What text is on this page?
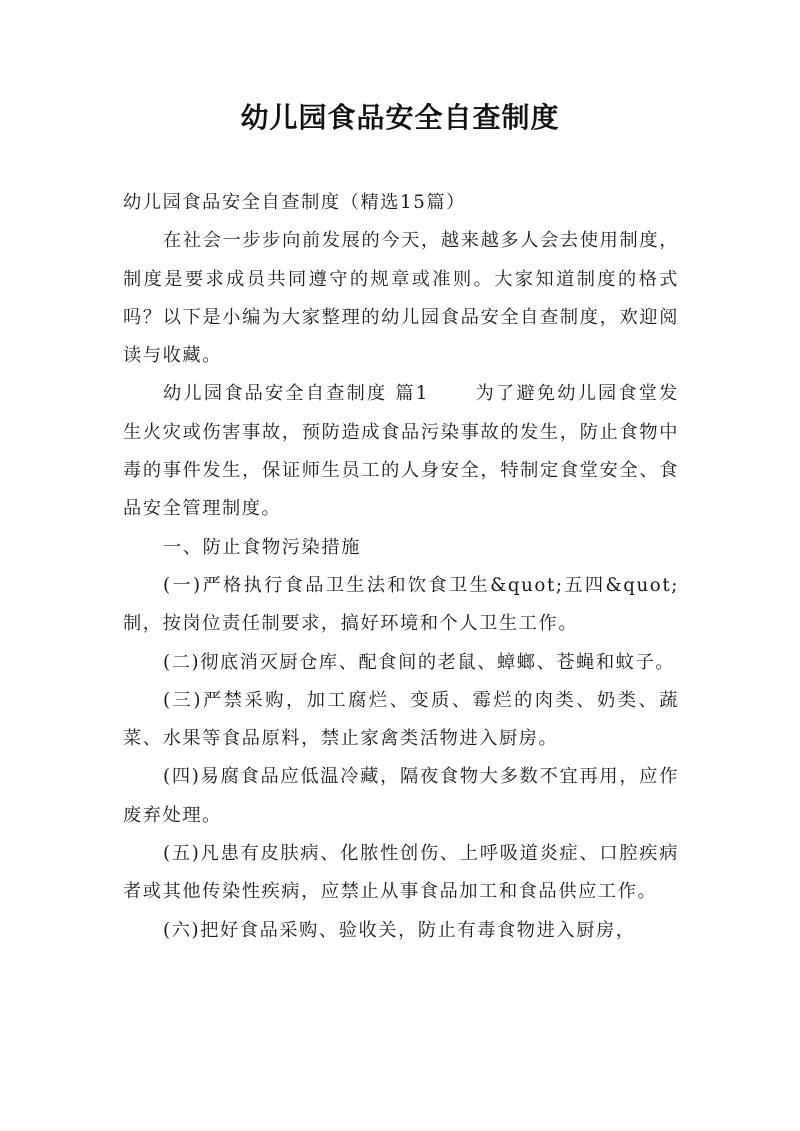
幼儿园食品安全自查制度

幼儿园食品安全自查制度（精选15篇）

在社会一步步向前发展的今天，越来越多人会去使用制度，制度是要求成员共同遵守的规章或准则。大家知道制度的格式吗？以下是小编为大家整理的幼儿园食品安全自查制度，欢迎阅读与收藏。

幼儿园食品安全自查制度 篇1	为了避免幼儿园食堂发生火灾或伤害事故，预防造成食品污染事故的发生，防止食物中毒的事件发生，保证师生员工的人身安全，特制定食堂安全、食品安全管理制度。

一、防止食物污染措施

(一)严格执行食品卫生法和饮食卫生&quot;五四&quot;制，按岗位责任制要求，搞好环境和个人卫生工作。

(二)彻底消灭厨仓库、配食间的老鼠、蟑螂、苍蝇和蚊子。

(三)严禁采购，加工腐烂、变质、霉烂的肉类、奶类、蔬菜、水果等食品原料，禁止家禽类活物进入厨房。

(四)易腐食品应低温冷藏，隔夜食物大多数不宜再用，应作废弃处理。

(五)凡患有皮肤病、化脓性创伤、上呼吸道炎症、口腔疾病者或其他传染性疾病，应禁止从事食品加工和食品供应工作。

(六)把好食品采购、验收关，防止有毒食物进入厨房，
